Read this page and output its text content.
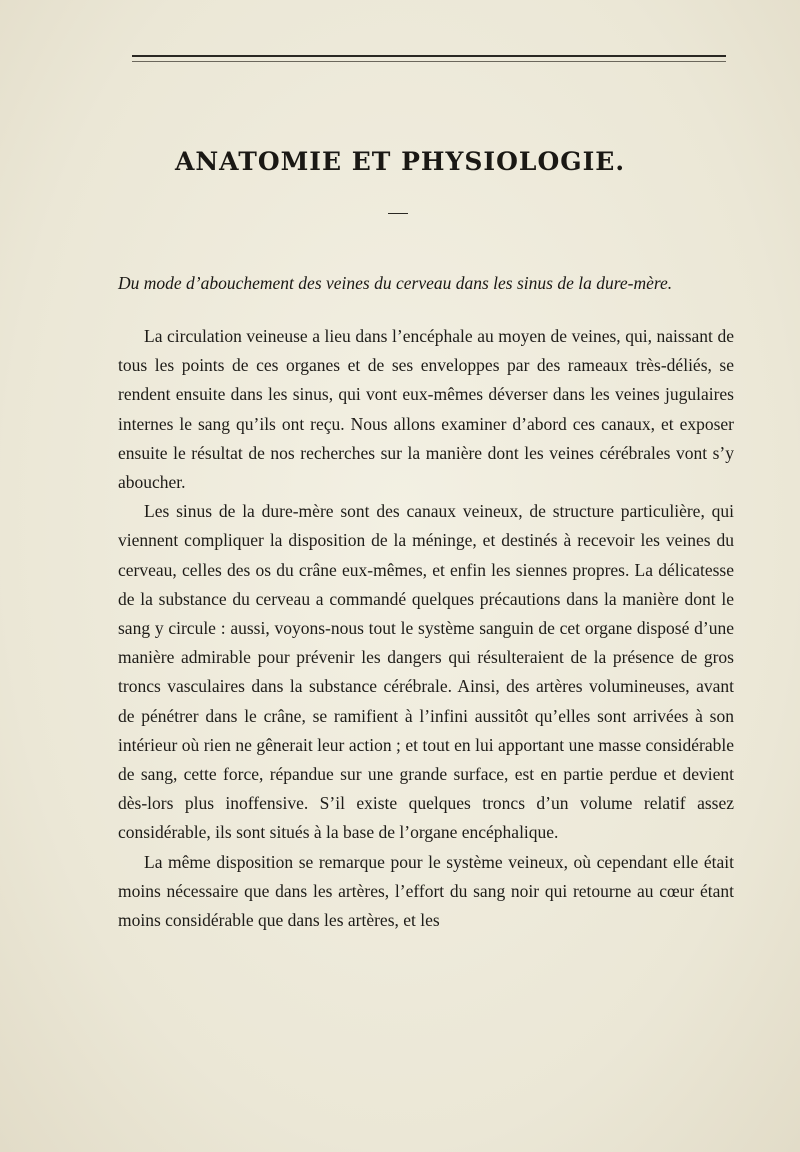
ANATOMIE ET PHYSIOLOGIE.

Du mode d’abouchement des veines du cerveau dans les sinus de la dure-mère.

La circulation veineuse a lieu dans l’encéphale au moyen de veines, qui, naissant de tous les points de ces organes et de ses enveloppes par des rameaux très-déliés, se rendent ensuite dans les sinus, qui vont eux-mêmes déverser dans les veines jugulaires internes le sang qu’ils ont reçu. Nous allons examiner d’abord ces canaux, et exposer ensuite le résultat de nos recherches sur la manière dont les veines cérébrales vont s’y aboucher.

Les sinus de la dure-mère sont des canaux veineux, de structure particulière, qui viennent compliquer la disposition de la méninge, et destinés à recevoir les veines du cerveau, celles des os du crâne eux-mêmes, et enfin les siennes propres. La délicatesse de la substance du cerveau a commandé quelques précautions dans la manière dont le sang y circule : aussi, voyons-nous tout le système sanguin de cet organe disposé d’une manière admirable pour prévenir les dangers qui résulteraient de la présence de gros troncs vasculaires dans la substance cérébrale. Ainsi, des artères volumineuses, avant de pénétrer dans le crâne, se ramifient à l’infini aussitôt qu’elles sont arrivées à son intérieur où rien ne gênerait leur action ; et tout en lui apportant une masse considérable de sang, cette force, répandue sur une grande surface, est en partie perdue et devient dès-lors plus inoffensive. S’il existe quelques troncs d’un volume relatif assez considérable, ils sont situés à la base de l’organe encéphalique.

La même disposition se remarque pour le système veineux, où cependant elle était moins nécessaire que dans les artères, l’effort du sang noir qui retourne au cœur étant moins considérable que dans les artères, et les
